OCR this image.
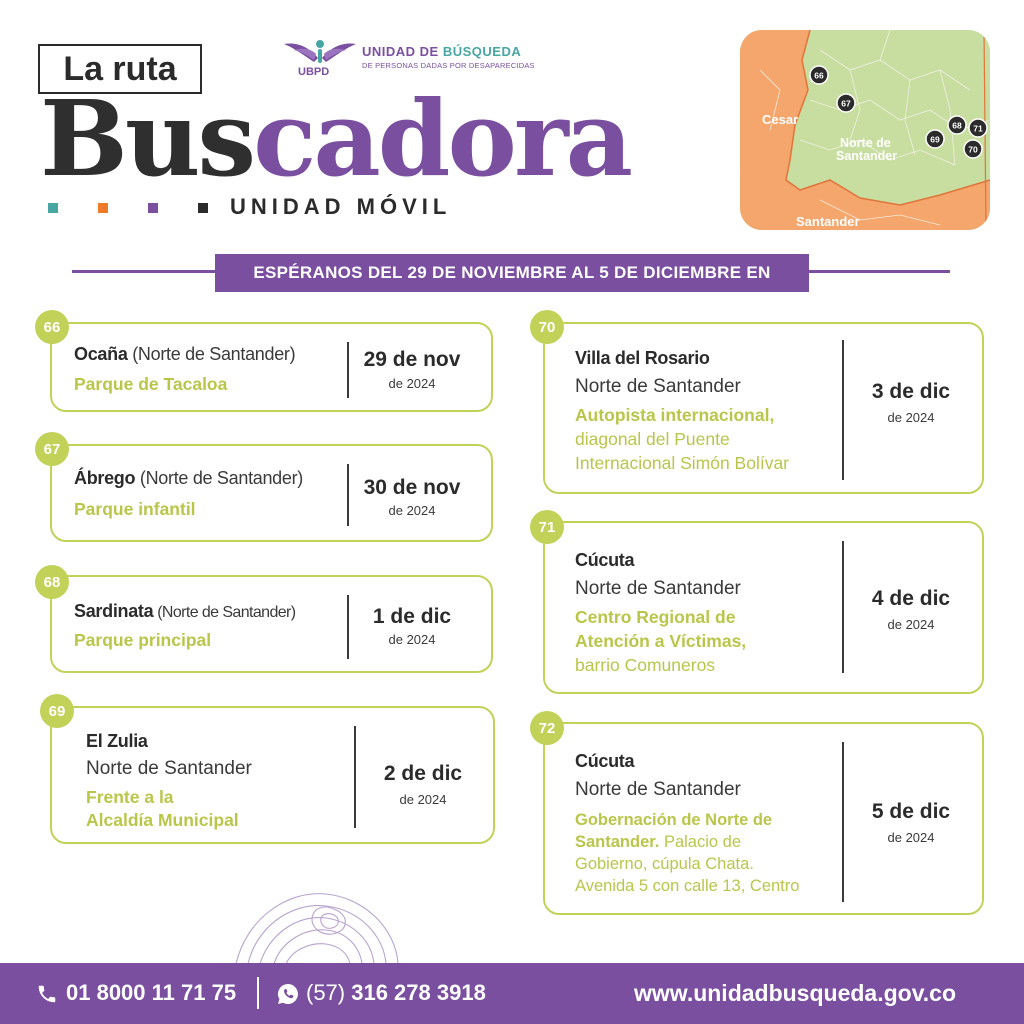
La ruta
Buscadora
UNIDAD MÓVIL
UBPD
UNIDAD DE BÚSQUEDA
DE PERSONAS DADAS POR DESAPARECIDAS
Cesar
Norte de
Santander
Santander
66
67
68
69
70
71
ESPÉRANOS DEL 29 DE NOVIEMBRE AL 5 DE DICIEMBRE EN
Ocaña (Norte de Santander)
Parque de Tacaloa
29 de nov
de 2024
66
Ábrego (Norte de Santander)
Parque infantil
30 de nov
de 2024
67
Sardinata (Norte de Santander)
Parque principal
1 de dic
de 2024
68
El Zulia
Norte de Santander
Frente a la
Alcaldía Municipal
2 de dic
de 2024
69
Villa del Rosario
Norte de Santander
Autopista internacional,
diagonal del Puente
Internacional Simón Bolívar
3 de dic
de 2024
70
Cúcuta
Norte de Santander
Centro Regional de
Atención a Víctimas,
barrio Comuneros
4 de dic
de 2024
71
Cúcuta
Norte de Santander
Gobernación de Norte de
Santander. Palacio de
Gobierno, cúpula Chata.
Avenida 5 con calle 13, Centro
5 de dic
de 2024
72
01 8000 11 71 75	(57) 316 278 3918	www.unidadbusqueda.gov.co
